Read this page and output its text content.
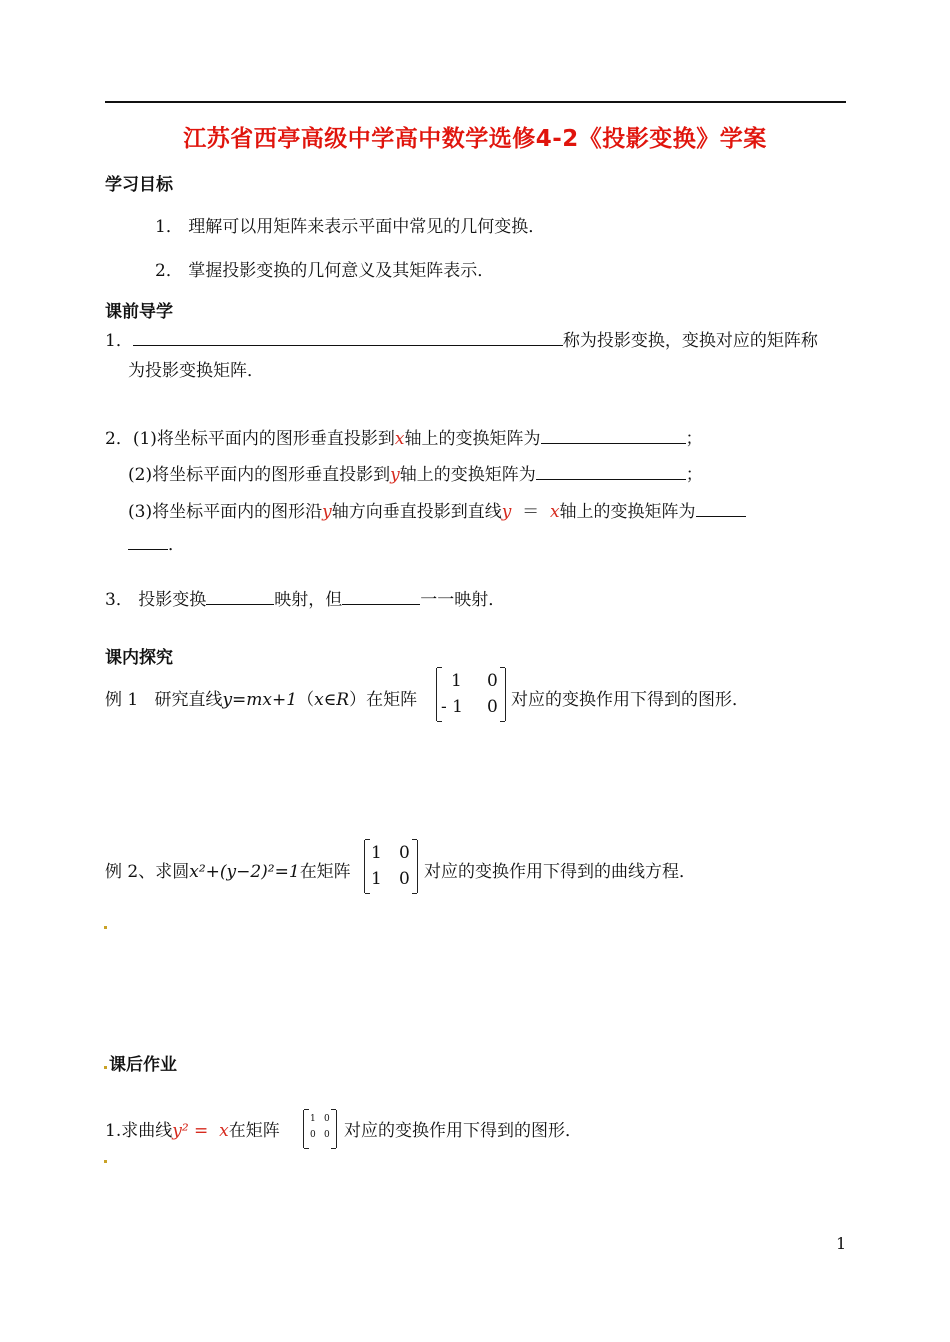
江苏省西亭高级中学高中数学选修4-2《投影变换》学案
学习目标
1． 理解可以用矩阵来表示平面中常见的几何变换．
2． 掌握投影变换的几何意义及其矩阵表示．
课前导学
1．	称为投影变换，变换对应的矩阵称
为投影变换矩阵．
2．(1)将坐标平面内的图形垂直投影到x轴上的变换矩阵为	；
(2)将坐标平面内的图形垂直投影到y轴上的变换矩阵为	；
(3)将坐标平面内的图形沿y轴方向垂直投影到直线y ＝ x轴上的变换矩阵为
．
3． 投影变换	映射，但	一一映射．
课内探究
例 1 研究直线y=mx+1（x∈R）在矩阵
1 0
- 1 0 对应的变换作用下得到的图形．
例 2、求圆x²+(y−2)²=1在矩阵
1 0
1 0 对应的变换作用下得到的曲线方程．
课后作业
1.求曲线y² = x在矩阵
1 0
0 0 对应的变换作用下得到的图形．
1
